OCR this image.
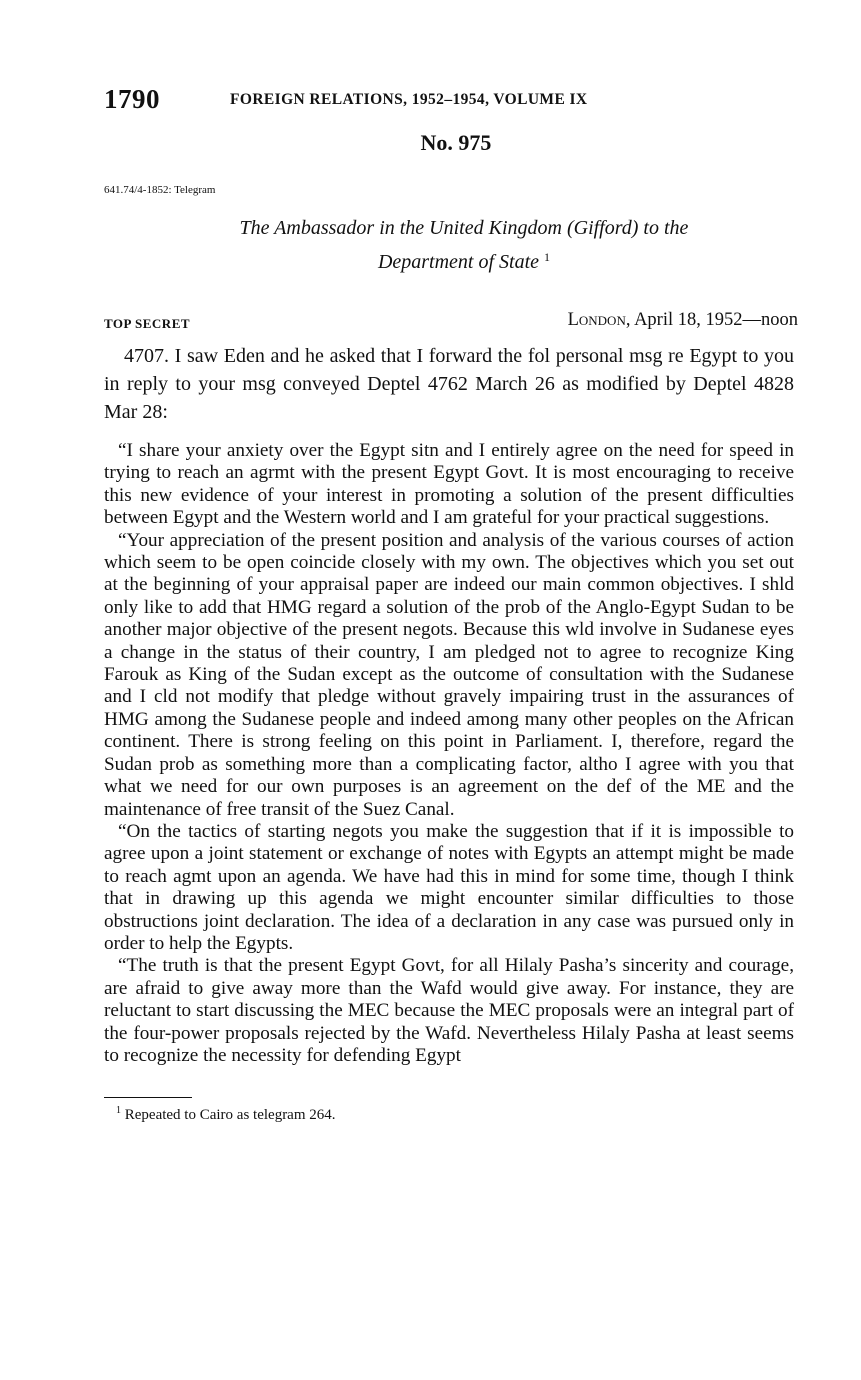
1790	FOREIGN RELATIONS, 1952–1954, VOLUME IX
No. 975
641.74/4-1852: Telegram
The Ambassador in the United Kingdom (Gifford) to the
Department of State $^1$
TOP SECRET	London, April 18, 1952—noon

4707. I saw Eden and he asked that I forward the fol personal msg re Egypt to you in reply to your msg conveyed Deptel 4762 March 26 as modified by Deptel 4828 Mar 28:

“I share your anxiety over the Egypt sitn and I entirely agree on the need for speed in trying to reach an agrmt with the present Egypt Govt. It is most encouraging to receive this new evidence of your interest in promoting a solution of the present difficulties between Egypt and the Western world and I am grateful for your practical suggestions.

“Your appreciation of the present position and analysis of the various courses of action which seem to be open coincide closely with my own. The objectives which you set out at the beginning of your appraisal paper are indeed our main common objectives. I shld only like to add that HMG regard a solution of the prob of the Anglo-Egypt Sudan to be another major objective of the present negots. Because this wld involve in Sudanese eyes a change in the status of their country, I am pledged not to agree to recognize King Farouk as King of the Sudan except as the outcome of consultation with the Sudanese and I cld not modify that pledge without gravely impairing trust in the assurances of HMG among the Sudanese people and indeed among many other peoples on the African continent. There is strong feeling on this point in Parliament. I, therefore, regard the Sudan prob as something more than a complicating factor, altho I agree with you that what we need for our own purposes is an agreement on the def of the ME and the maintenance of free transit of the Suez Canal.

“On the tactics of starting negots you make the suggestion that if it is impossible to agree upon a joint statement or exchange of notes with Egypts an attempt might be made to reach agmt upon an agenda. We have had this in mind for some time, though I think that in drawing up this agenda we might encounter similar difficulties to those obstructions joint declaration. The idea of a declaration in any case was pursued only in order to help the Egypts.

“The truth is that the present Egypt Govt, for all Hilaly Pasha’s sincerity and courage, are afraid to give away more than the Wafd would give away. For instance, they are reluctant to start discussing the MEC because the MEC proposals were an integral part of the four-power proposals rejected by the Wafd. Nevertheless Hilaly Pasha at least seems to recognize the necessity for defending Egypt

$^1$ Repeated to Cairo as telegram 264.
